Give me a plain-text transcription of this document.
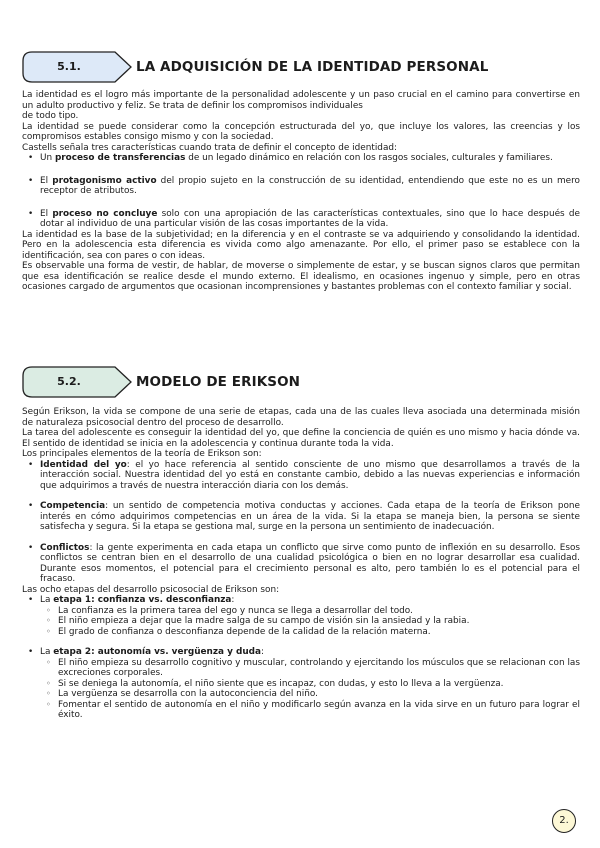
5.1.	LA ADQUISICIÓN DE LA IDENTIDAD PERSONAL

La identidad es el logro más importante de la personalidad adolescente y un paso crucial en el camino para convertirse en un adulto productivo y feliz. Se trata de definir los compromisos individuales

de todo tipo.

La identidad se puede considerar como la concepción estructurada del yo, que incluye los valores, las creencias y los compromisos estables consigo mismo y con la sociedad.

Castells señala tres características cuando trata de definir el concepto de identidad:

• Un proceso de transferencias de un legado dinámico en relación con los rasgos sociales, culturales y familiares.
• El protagonismo activo del propio sujeto en la construcción de su identidad, entendiendo que este no es un mero receptor de atributos.
• El proceso no concluye solo con una apropiación de las características contextuales, sino que lo hace después de dotar al individuo de una particular visión de las cosas importantes de la vida.

La identidad es la base de la subjetividad; en la diferencia y en el contraste se va adquiriendo y consolidando la identidad. Pero en la adolescencia esta diferencia es vivida como algo amenazante. Por ello, el primer paso se establece con la identificación, sea con pares o con ideas.

Es observable una forma de vestir, de hablar, de moverse o simplemente de estar, y se buscan signos claros que permitan que esa identificación se realice desde el mundo externo. El idealismo, en ocasiones ingenuo y simple, pero en otras ocasiones cargado de argumentos que ocasionan incomprensiones y bastantes problemas con el contexto familiar y social.

5.2.	MODELO DE ERIKSON

Según Erikson, la vida se compone de una serie de etapas, cada una de las cuales lleva asociada una determinada misión de naturaleza psicosocial dentro del proceso de desarrollo.

La tarea del adolescente es conseguir la identidad del yo, que define la conciencia de quién es uno mismo y hacia dónde va. El sentido de identidad se inicia en la adolescencia y continua durante toda la vida.

Los principales elementos de la teoría de Erikson son:

• Identidad del yo: el yo hace referencia al sentido consciente de uno mismo que desarrollamos a través de la interacción social. Nuestra identidad del yo está en constante cambio, debido a las nuevas experiencias e información que adquirimos a través de nuestra interacción diaria con los demás.
• Competencia: un sentido de competencia motiva conductas y acciones. Cada etapa de la teoría de Erikson pone interés en cómo adquirimos competencias en un área de la vida. Si la etapa se maneja bien, la persona se siente satisfecha y segura. Si la etapa se gestiona mal, surge en la persona un sentimiento de inadecuación.
• Conflictos: la gente experimenta en cada etapa un conflicto que sirve como punto de inflexión en su desarrollo. Esos conflictos se centran bien en el desarrollo de una cualidad psicológica o bien en no lograr desarrollar esa cualidad. Durante esos momentos, el potencial para el crecimiento personal es alto, pero también lo es el potencial para el fracaso.

Las ocho etapas del desarrollo psicosocial de Erikson son:

• La etapa 1: confianza vs. desconfianza:
◦ La confianza es la primera tarea del ego y nunca se llega a desarrollar del todo.
◦ El niño empieza a dejar que la madre salga de su campo de visión sin la ansiedad y la rabia.
◦ El grado de confianza o desconfianza depende de la calidad de la relación materna.
• La etapa 2: autonomía vs. vergüenza y duda:
◦ El niño empieza su desarrollo cognitivo y muscular, controlando y ejercitando los músculos que se relacionan con las excreciones corporales.
◦ Si se deniega la autonomía, el niño siente que es incapaz, con dudas, y esto lo lleva a la vergüenza.
◦ La vergüenza se desarrolla con la autoconciencia del niño.
◦ Fomentar el sentido de autonomía en el niño y modificarlo según avanza en la vida sirve en un futuro para lograr el éxito.
2.
